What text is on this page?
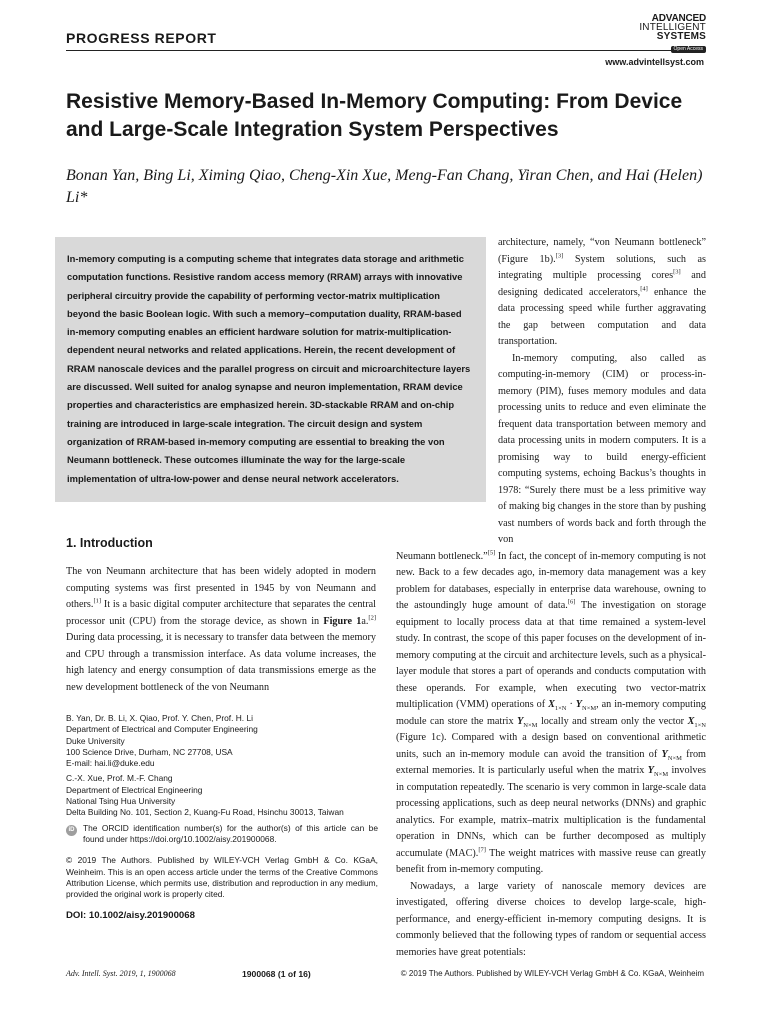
PROGRESS REPORT
ADVANCED
INTELLIGENT
SYSTEMS
Open Access
www.advintellsyst.com
Resistive Memory-Based In-Memory Computing: From Device and Large-Scale Integration System Perspectives

Bonan Yan, Bing Li, Ximing Qiao, Cheng-Xin Xue, Meng-Fan Chang, Yiran Chen, and Hai (Helen) Li*

In-memory computing is a computing scheme that integrates data storage and arithmetic computation functions. Resistive random access memory (RRAM) arrays with innovative peripheral circuitry provide the capability of performing vector-matrix multiplication beyond the basic Boolean logic. With such a memory–computation duality, RRAM-based in-memory computing enables an efficient hardware solution for matrix-multiplication-dependent neural networks and related applications. Herein, the recent development of RRAM nanoscale devices and the parallel progress on circuit and microarchitecture layers are discussed. Well suited for analog synapse and neuron implementation, RRAM device properties and characteristics are emphasized herein. 3D-stackable RRAM and on-chip training are introduced in large-scale integration. The circuit design and system organization of RRAM-based in-memory computing are essential to breaking the von Neumann bottleneck. These outcomes illuminate the way for the large-scale implementation of ultra-low-power and dense neural network accelerators.

1. Introduction

The von Neumann architecture that has been widely adopted in modern computing systems was first presented in 1945 by von Neumann and others.[1] It is a basic digital computer architecture that separates the central processor unit (CPU) from the storage device, as shown in Figure 1a.[2] During data processing, it is necessary to transfer data between the memory and CPU through a transmission interface. As data volume increases, the high latency and energy consumption of data transmissions emerge as the new development bottleneck of the von Neumann

B. Yan, Dr. B. Li, X. Qiao, Prof. Y. Chen, Prof. H. Li
Department of Electrical and Computer Engineering
Duke University
100 Science Drive, Durham, NC 27708, USA
E-mail: hai.li@duke.edu
C.-X. Xue, Prof. M.-F. Chang
Department of Electrical Engineering
National Tsing Hua University
Delta Building No. 101, Section 2, Kuang-Fu Road, Hsinchu 30013, Taiwan
iD The ORCID identification number(s) for the author(s) of this article can be found under https://doi.org/10.1002/aisy.201900068.
© 2019 The Authors. Published by WILEY-VCH Verlag GmbH & Co. KGaA, Weinheim. This is an open access article under the terms of the Creative Commons Attribution License, which permits use, distribution and reproduction in any medium, provided the original work is properly cited.
DOI: 10.1002/aisy.201900068

architecture, namely, “von Neumann bottleneck” (Figure 1b).[3] System solutions, such as integrating multiple processing cores[3] and designing dedicated accelerators,[4] enhance the data processing speed while further aggravating the gap between computation and data transportation.

In-memory computing, also called as computing-in-memory (CIM) or process-in-memory (PIM), fuses memory modules and data processing units to reduce and even eliminate the frequent data transportation between memory and data processing units in modern computers. It is a promising way to build energy-efficient computing systems, echoing Backus’s thoughts in 1978: “Surely there must be a less primitive way of making big changes in the store than by pushing vast numbers of words back and forth through the von

Neumann bottleneck.”[5] In fact, the concept of in-memory computing is not new. Back to a few decades ago, in-memory data management was a key problem for databases, especially in enterprise data warehouse, owning to the astoundingly huge amount of data.[6] The investigation on storage equipment to locally process data at that time remained a system-level study. In contrast, the scope of this paper focuses on the development of in-memory computing at the circuit and architecture levels, such as a physical-layer module that stores a part of operands and conducts computation with these operands. For example, when executing two vector-matrix multiplication (VMM) operations of $X_{1\times N} \cdot Y_{N\times M}$, an in-memory computing module can store the matrix $Y_{N\times M}$ locally and stream only the vector $X_{1\times N}$ (Figure 1c). Compared with a design based on conventional arithmetic units, such an in-memory module can avoid the transition of $Y_{N\times M}$ from external memories. It is particularly useful when the matrix $Y_{N\times M}$ involves in computation repeatedly. The scenario is very common in large-scale data processing applications, such as deep neural networks (DNNs) and graphic analytics. For example, matrix–matrix multiplication is the fundamental operation in DNNs, which can be further decomposed as multiply accumulate (MAC).[7] The weight matrices with massive reuse can greatly benefit from in-memory computing.

Nowadays, a large variety of nanoscale memory devices are investigated, offering diverse choices to develop large-scale, high-performance, and energy-efficient in-memory computing designs. It is commonly believed that the following types of random or sequential access memories have great potentials:

Adv. Intell. Syst. 2019, 1, 1900068	1900068 (1 of 16)	© 2019 The Authors. Published by WILEY-VCH Verlag GmbH & Co. KGaA, Weinheim
